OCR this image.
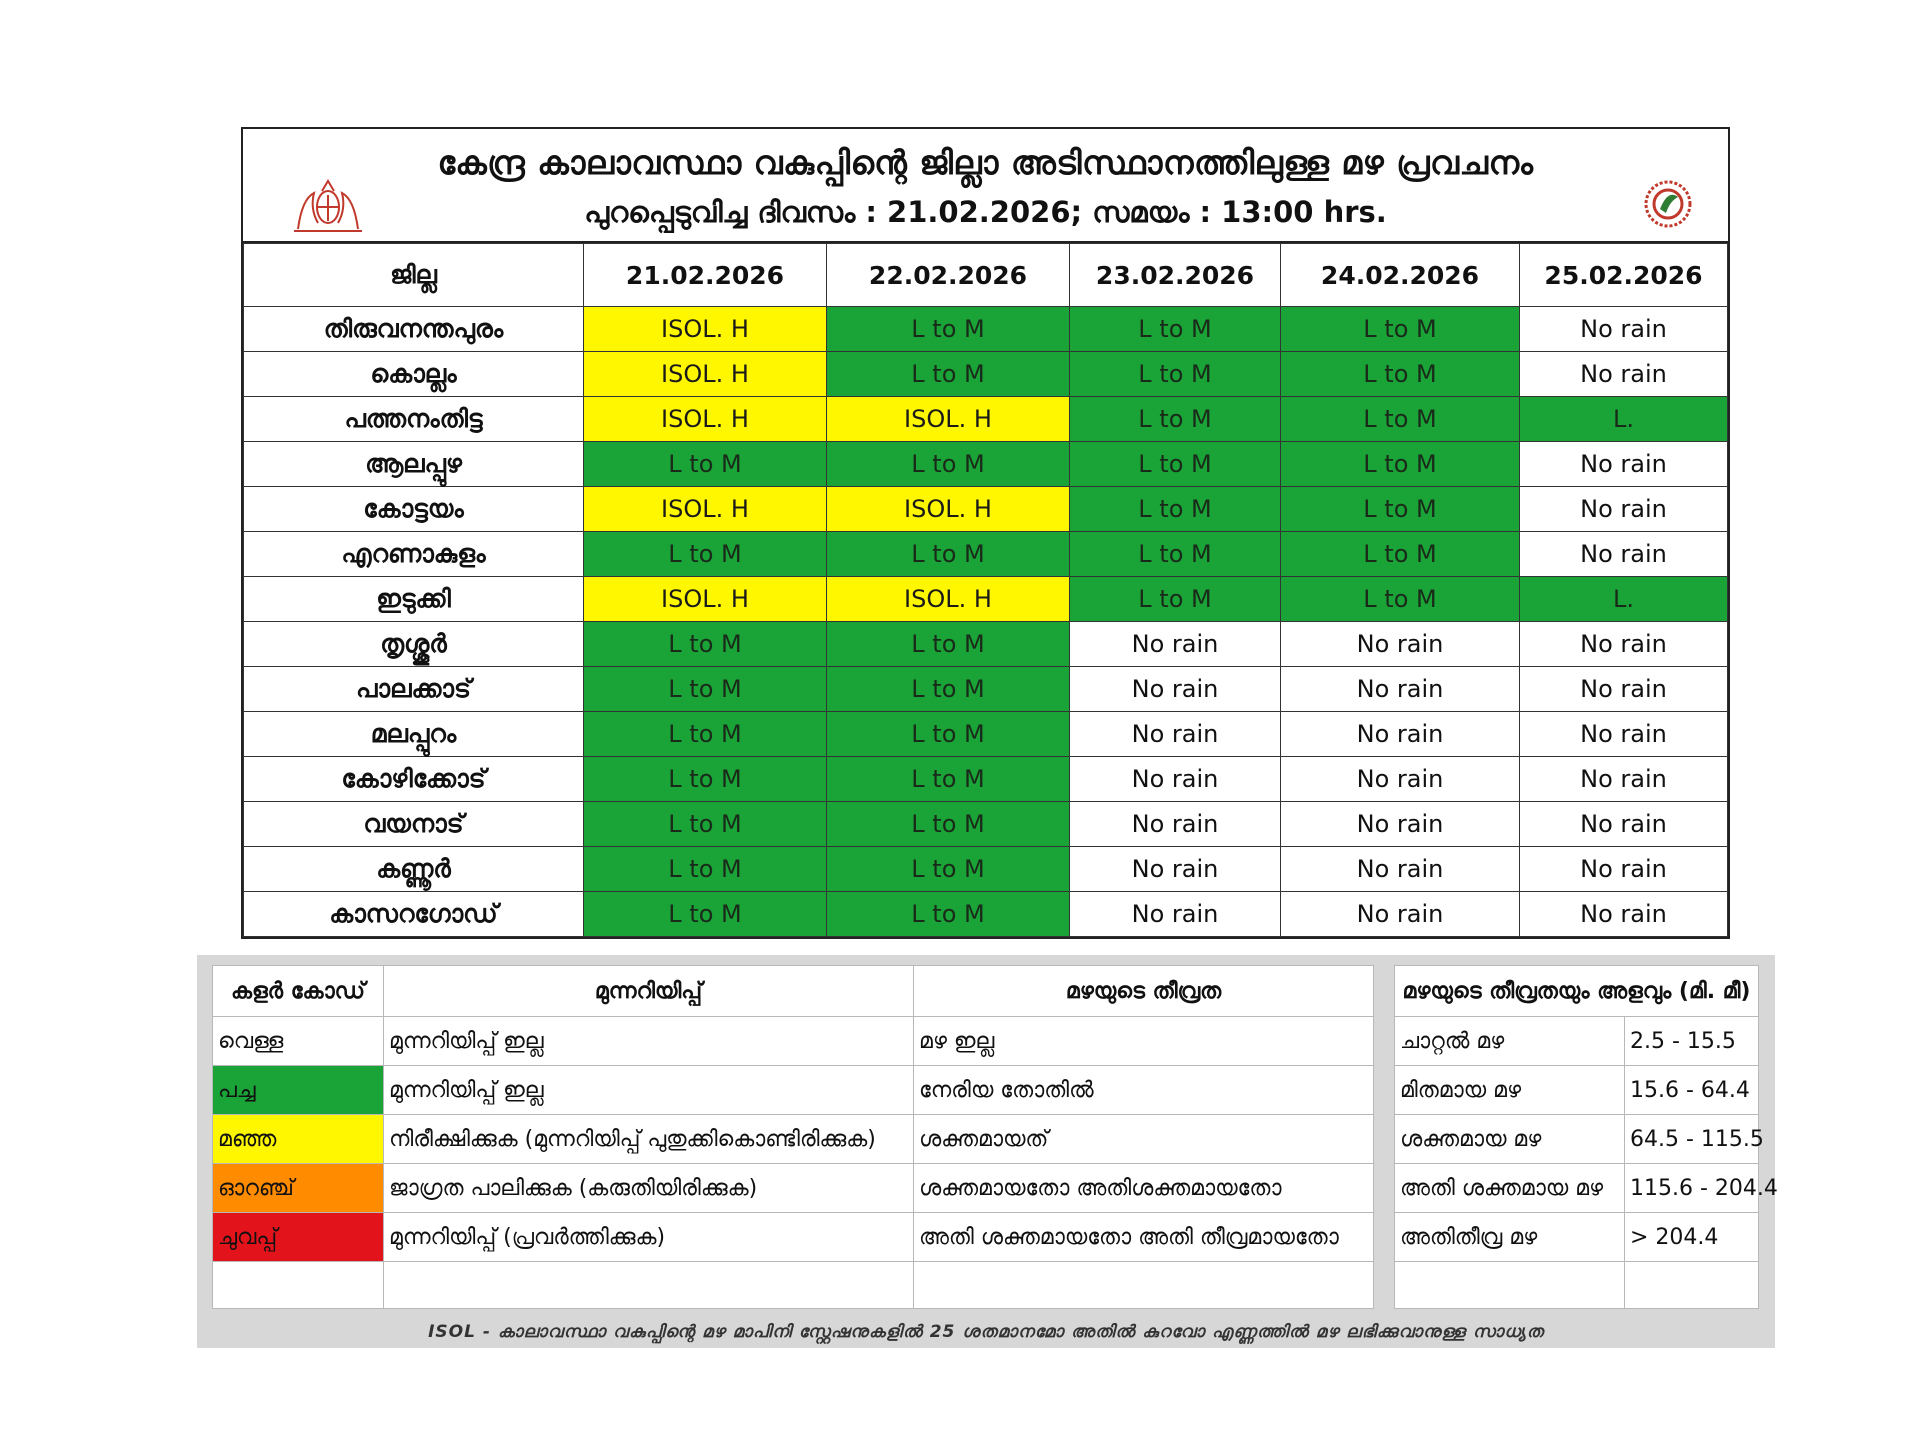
കേന്ദ്ര കാലാവസ്ഥാ വകുപ്പിന്റെ ജില്ലാ അടിസ്ഥാനത്തിലുള്ള മഴ പ്രവചനം
പുറപ്പെടുവിച്ച ദിവസം : 21.02.2026; സമയം : 13:00 hrs.
ജില്ല	21.02.2026	22.02.2026	23.02.2026	24.02.2026	25.02.2026
തിരുവനന്തപുരം	ISOL. H	L to M	L to M	L to M	No rain
കൊല്ലം	ISOL. H	L to M	L to M	L to M	No rain
പത്തനംതിട്ട	ISOL. H	ISOL. H	L to M	L to M	L.
ആലപ്പുഴ	L to M	L to M	L to M	L to M	No rain
കോട്ടയം	ISOL. H	ISOL. H	L to M	L to M	No rain
എറണാകുളം	L to M	L to M	L to M	L to M	No rain
ഇടുക്കി	ISOL. H	ISOL. H	L to M	L to M	L.
തൃശ്ശൂർ	L to M	L to M	No rain	No rain	No rain
പാലക്കാട്	L to M	L to M	No rain	No rain	No rain
മലപ്പുറം	L to M	L to M	No rain	No rain	No rain
കോഴിക്കോട്	L to M	L to M	No rain	No rain	No rain
വയനാട്	L to M	L to M	No rain	No rain	No rain
കണ്ണൂർ	L to M	L to M	No rain	No rain	No rain
കാസറഗോഡ്	L to M	L to M	No rain	No rain	No rain
കളർ കോഡ്	മുന്നറിയിപ്പ്	മഴയുടെ തീവ്രത
വെള്ള	മുന്നറിയിപ്പ് ഇല്ല	മഴ ഇല്ല
പച്ച	മുന്നറിയിപ്പ് ഇല്ല	നേരിയ തോതിൽ
മഞ്ഞ	നിരീക്ഷിക്കുക (മുന്നറിയിപ്പ് പുതുക്കികൊണ്ടിരിക്കുക)	ശക്തമായത്
ഓറഞ്ച്	ജാഗ്രത പാലിക്കുക (കരുതിയിരിക്കുക)	ശക്തമായതോ അതിശക്തമായതോ
ചുവപ്പ്	മുന്നറിയിപ്പ് (പ്രവർത്തിക്കുക)	അതി ശക്തമായതോ അതി തീവ്രമായതോ

മഴയുടെ തീവ്രതയും അളവും (മി. മീ)	
ചാറ്റൽ മഴ	2.5 - 15.5
മിതമായ മഴ	15.6 - 64.4
ശക്തമായ മഴ	64.5 - 115.5
അതി ശക്തമായ മഴ	115.6 - 204.4
അതിതീവ്ര മഴ	> 204.4

ISOL - കാലാവസ്ഥാ വകുപ്പിന്റെ മഴ മാപിനി സ്റ്റേഷനുകളിൽ 25 ശതമാനമോ അതിൽ കുറവോ എണ്ണത്തിൽ മഴ ലഭിക്കുവാനുള്ള സാധ്യത
